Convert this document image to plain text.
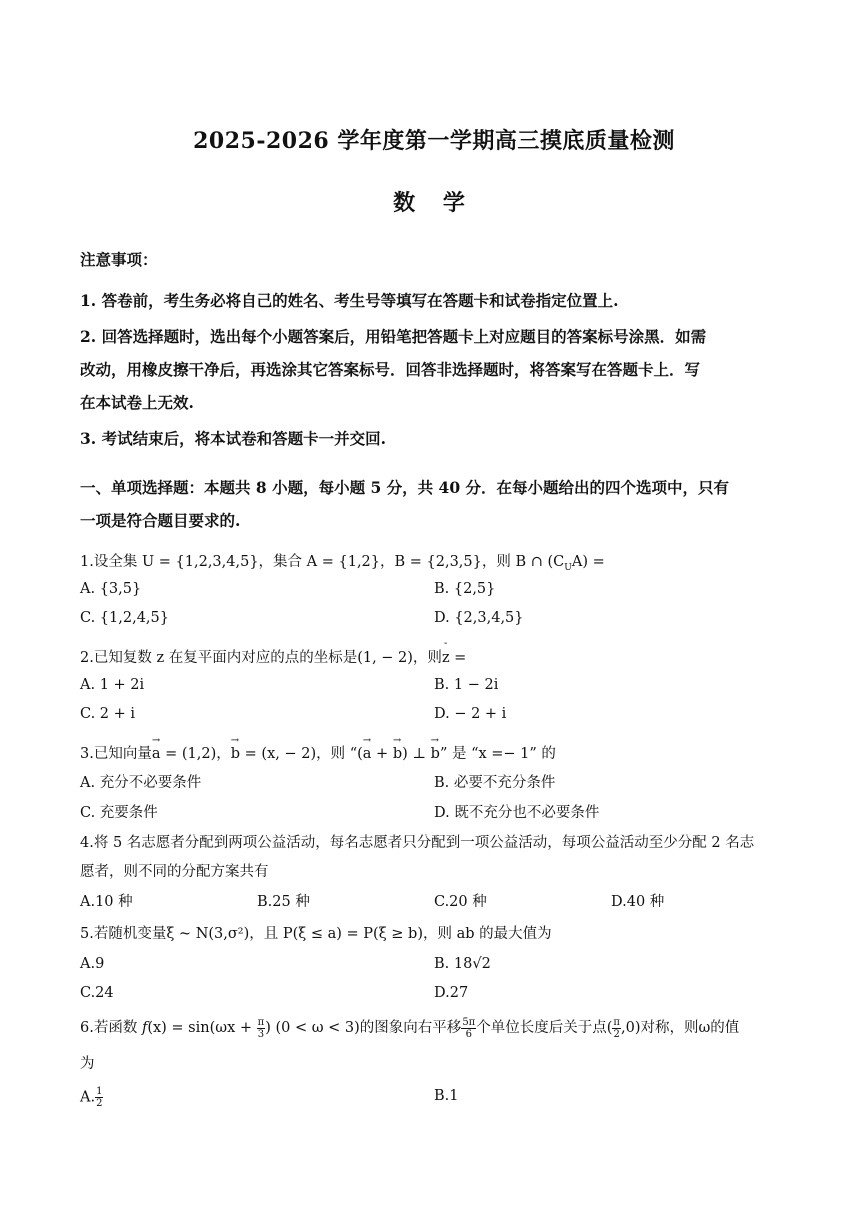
2025-2026 学年度第一学期高三摸底质量检测
数 学
注意事项：
1. 答卷前，考生务必将自己的姓名、考生号等填写在答题卡和试卷指定位置上.
2. 回答选择题时，选出每个小题答案后，用铅笔把答题卡上对应题目的答案标号涂黑．如需
改动，用橡皮擦干净后，再选涂其它答案标号．回答非选择题时，将答案写在答题卡上．写
在本试卷上无效.
3. 考试结束后，将本试卷和答题卡一并交回.
一、单项选择题：本题共 8 小题，每小题 5 分，共 40 分．在每小题给出的四个选项中，只有
一项是符合题目要求的.
1.设全集 U = {1,2,3,4,5}，集合 A = {1,2}，B = {2,3,5}，则 B ∩ $(C_UA)$ =
A. {3,5}	B. {2,5}
C. {1,2,4,5}	D. {2,3,4,5}
2.已知复数 z 在复平面内对应的点的坐标是(1, − 2)，则- z =
A. 1 + 2i	B. 1 − 2i
C. 2 + i	D. − 2 + i
3.已知向量→ a = (1,2)，→ b = (x, − 2)，则 “(→ a + → b) ⊥ → b” 是 “x =− 1” 的
A. 充分不必要条件	B. 必要不充分条件
C. 充要条件	D. 既不充分也不必要条件
4.将 5 名志愿者分配到两项公益活动，每名志愿者只分配到一项公益活动，每项公益活动至少分配 2 名志
愿者，则不同的分配方案共有
A.10 种	B.25 种	C.20 种	D.40 种
5.若随机变量ξ ~ N(3,σ²)，且 P(ξ ≤ a) = P(ξ ≥ b)，则 ab 的最大值为
A.9	B. 18√2
C.24	D.27
6.若函数 $f(x) = \sin(\omega x + \frac{\pi}{3}$ ) (0 < ω < 3)的图象向右平移 $\frac{5\pi}{6}$ 个单位长度后关于点( $\frac{\pi}{2} ,0$)对称，则ω的值
为
A. $\frac{1}{2}$	B.1
